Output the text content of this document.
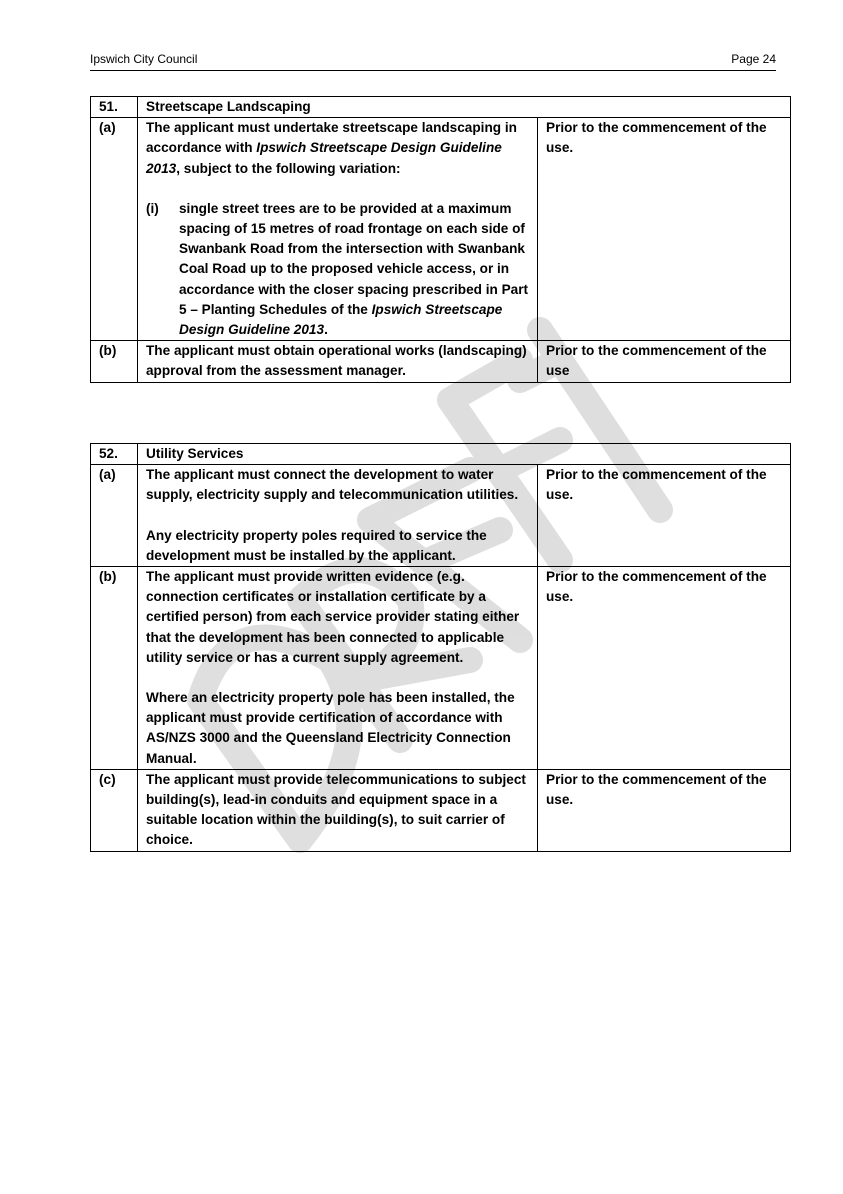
Ipswich City Council	Page 24
51.	Streetscape Landscaping	
(a)	The applicant must undertake streetscape landscaping in accordance with Ipswich Streetscape Design Guideline 2013, subject to the following variation:
(i) single street trees are to be provided at a maximum spacing of 15 metres of road frontage on each side of Swanbank Road from the intersection with Swanbank Coal Road up to the proposed vehicle access, or in accordance with the closer spacing prescribed in Part 5 – Planting Schedules of the Ipswich Streetscape Design Guideline 2013.	Prior to the commencement of the use.
(b)	The applicant must obtain operational works (landscaping) approval from the assessment manager.	Prior to the commencement of the use
52.	Utility Services	
(a)	The applicant must connect the development to water supply, electricity supply and telecommunication utilities.
Any electricity property poles required to service the development must be installed by the applicant.	Prior to the commencement of the use.
(b)	The applicant must provide written evidence (e.g. connection certificates or installation certificate by a certified person) from each service provider stating either that the development has been connected to applicable utility service or has a current supply agreement.
Where an electricity property pole has been installed, the applicant must provide certification of accordance with AS/NZS 3000 and the Queensland Electricity Connection Manual.	Prior to the commencement of the use.
(c)	The applicant must provide telecommunications to subject building(s), lead-in conduits and equipment space in a suitable location within the building(s), to suit carrier of choice.	Prior to the commencement of the use.
